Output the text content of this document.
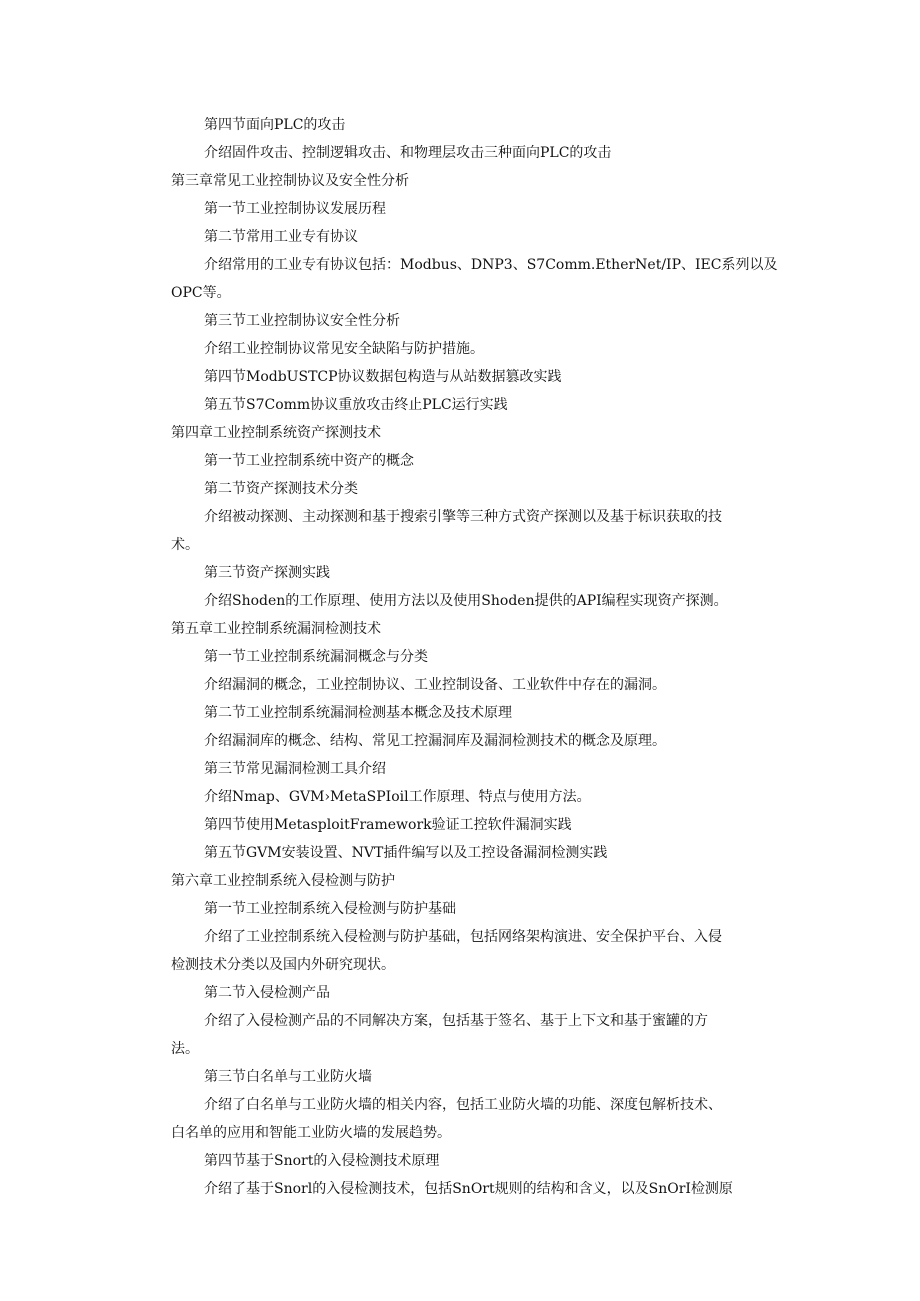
第四节面向PLC的攻击

介绍固件攻击、控制逻辑攻击、和物理层攻击三种面向PLC的攻击

第三章常见工业控制协议及安全性分析

第一节工业控制协议发展历程

第二节常用工业专有协议

介绍常用的工业专有协议包括：Modbus、DNP3、S7Comm.EtherNet/IP、IEC系列以及

OPC等。

第三节工业控制协议安全性分析

介绍工业控制协议常见安全缺陷与防护措施。

第四节ModbUSTCP协议数据包构造与从站数据篡改实践

第五节S7Comm协议重放攻击终止PLC运行实践

第四章工业控制系统资产探测技术

第一节工业控制系统中资产的概念

第二节资产探测技术分类

介绍被动探测、主动探测和基于搜索引擎等三种方式资产探测以及基于标识获取的技

术。

第三节资产探测实践

介绍Shoden的工作原理、使用方法以及使用Shoden提供的API编程实现资产探测。

第五章工业控制系统漏洞检测技术

第一节工业控制系统漏洞概念与分类

介绍漏洞的概念，工业控制协议、工业控制设备、工业软件中存在的漏洞。

第二节工业控制系统漏洞检测基本概念及技术原理

介绍漏洞库的概念、结构、常见工控漏洞库及漏洞检测技术的概念及原理。

第三节常见漏洞检测工具介绍

介绍Nmap、GVM›MetaSPIoil工作原理、特点与使用方法。

第四节使用MetasploitFramework验证工控软件漏洞实践

第五节GVM安装设置、NVT插件编写以及工控设备漏洞检测实践

第六章工业控制系统入侵检测与防护

第一节工业控制系统入侵检测与防护基础

介绍了工业控制系统入侵检测与防护基础，包括网络架构演进、安全保护平台、入侵

检测技术分类以及国内外研究现状。

第二节入侵检测产品

介绍了入侵检测产品的不同解决方案，包括基于签名、基于上下文和基于蜜罐的方

法。

第三节白名单与工业防火墙

介绍了白名单与工业防火墙的相关内容，包括工业防火墙的功能、深度包解析技术、

白名单的应用和智能工业防火墙的发展趋势。

第四节基于Snort的入侵检测技术原理

介绍了基于Snorl的入侵检测技术，包括SnOrt规则的结构和含义，以及SnOrI检测原
